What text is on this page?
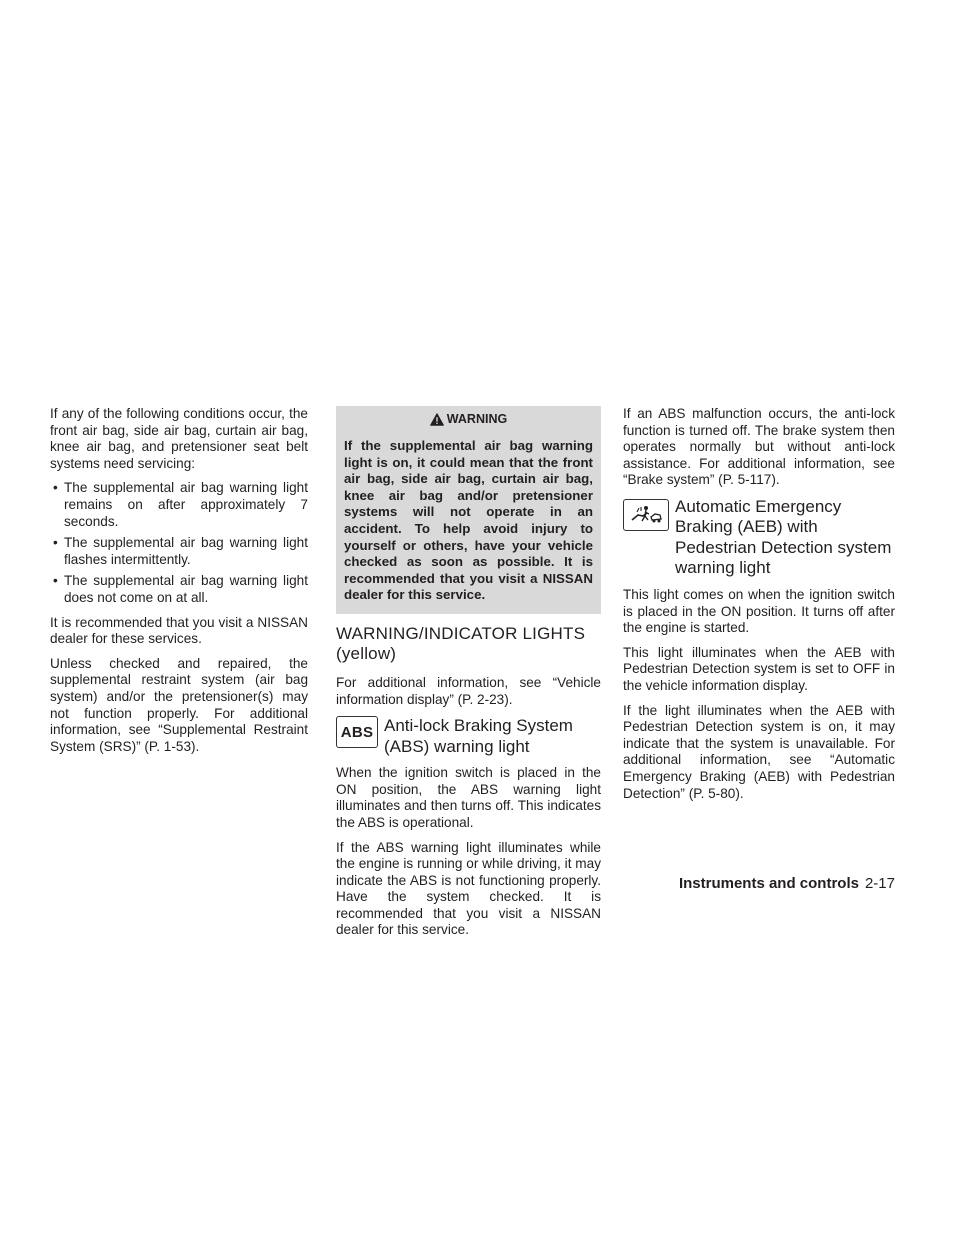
If any of the following conditions occur, the front air bag, side air bag, curtain air bag, knee air bag, and pretensioner seat belt systems need servicing:

• The supplemental air bag warning light remains on after approximately 7 seconds.
• The supplemental air bag warning light flashes intermittently.
• The supplemental air bag warning light does not come on at all.

It is recommended that you visit a NISSAN dealer for these services.

Unless checked and repaired, the supplemental restraint system (air bag system) and/or the pretensioner(s) may not function properly. For additional information, see “Supplemental Restraint System (SRS)” (P. 1-53).

WARNING
If the supplemental air bag warning light is on, it could mean that the front air bag, side air bag, curtain air bag, knee air bag and/or pretensioner systems will not operate in an accident. To help avoid injury to yourself or others, have your vehicle checked as soon as possible. It is recommended that you visit a NISSAN dealer for this service.
WARNING/INDICATOR LIGHTS (yellow)

For additional information, see “Vehicle information display” (P. 2-23).

ABS Anti-lock Braking System (ABS) warning light

When the ignition switch is placed in the ON position, the ABS warning light illuminates and then turns off. This indicates the ABS is operational.

If the ABS warning light illuminates while the engine is running or while driving, it may indicate the ABS is not functioning properly. Have the system checked. It is recommended that you visit a NISSAN dealer for this service.

If an ABS malfunction occurs, the anti-lock function is turned off. The brake system then operates normally but without anti-lock assistance. For additional information, see “Brake system” (P. 5-117).

Automatic Emergency Braking (AEB) with Pedestrian Detection system warning light

This light comes on when the ignition switch is placed in the ON position. It turns off after the engine is started.

This light illuminates when the AEB with Pedestrian Detection system is set to OFF in the vehicle information display.

If the light illuminates when the AEB with Pedestrian Detection system is on, it may indicate that the system is unavailable. For additional information, see “Automatic Emergency Braking (AEB) with Pedestrian Detection” (P. 5-80).

Instruments and controls 2-17
